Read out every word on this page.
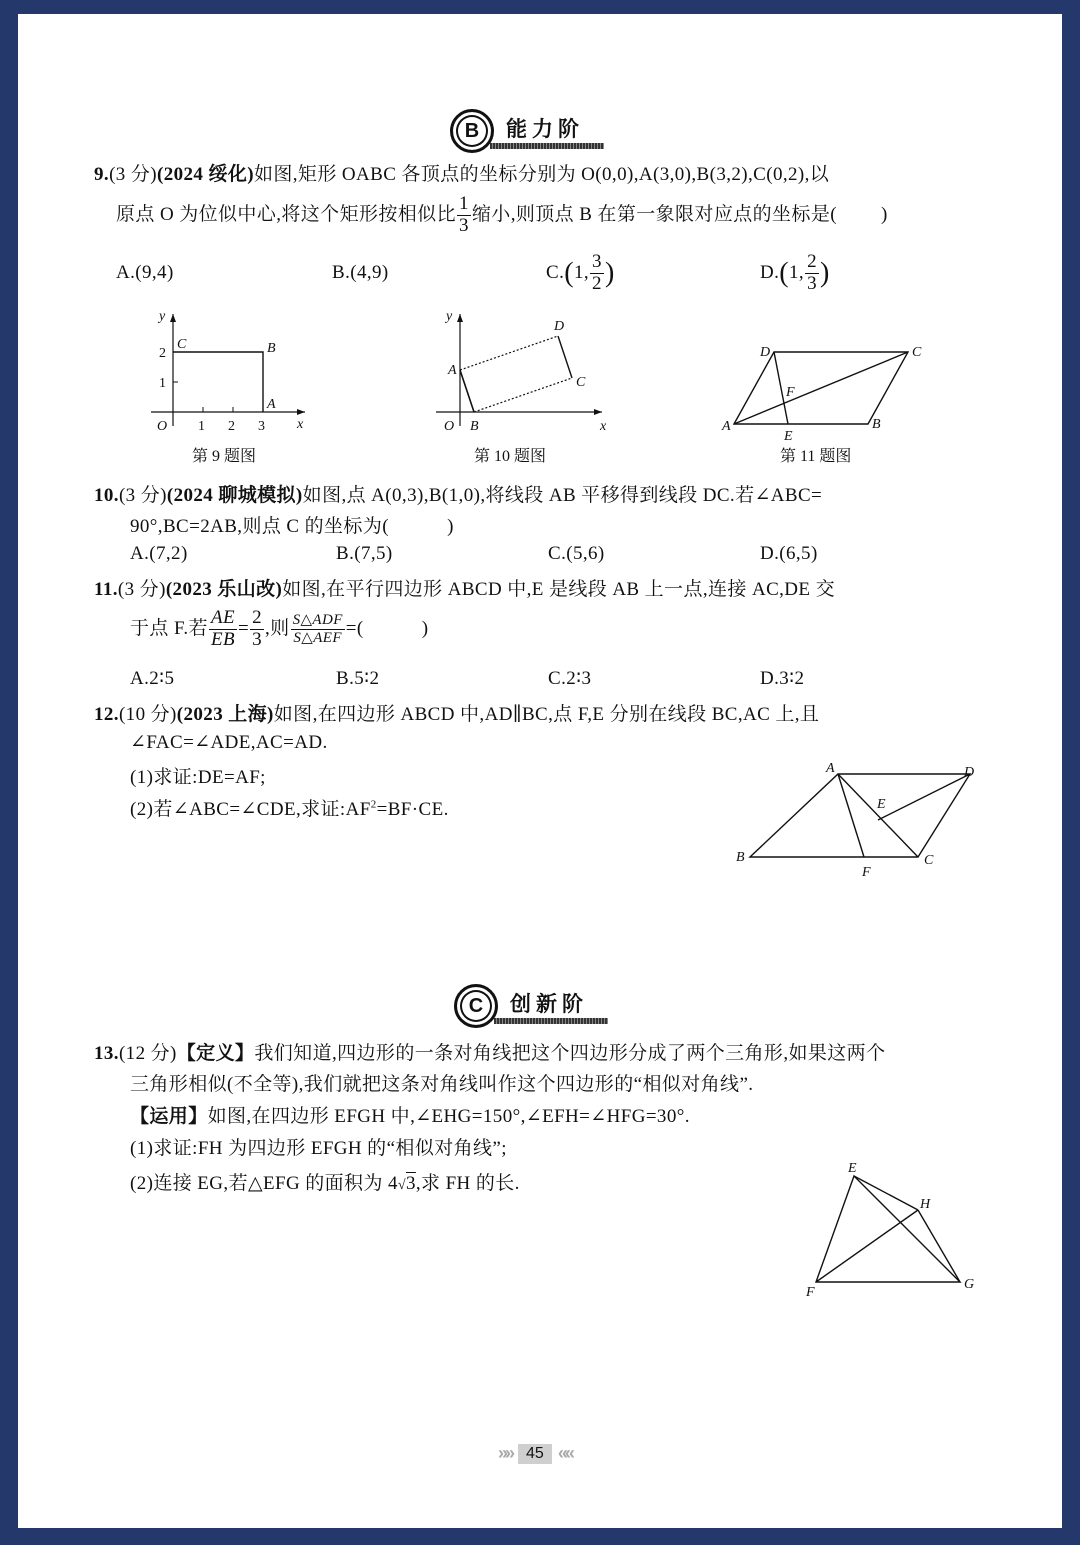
B 能力阶
9.(3 分)(2024 绥化)如图,矩形 OABC 各顶点的坐标分别为 O(0,0),A(3,0),B(3,2),C(0,2),以
原点 O 为位似中心,将这个矩形按相似比 $\frac{1}{3}$ 缩小,则顶点 B 在第一象限对应点的坐标是( )
A.(9,4)	B.(4,9)	C.(1, $\frac{3}{2}$ )	D.(1, $\frac{2}{3}$ )
y
x
O
C	B
A
1 2 3
1
2
第 9 题图
y
x
O
A
B
C
D
第 10 题图
A	B
C
D
E
F
第 11 题图
10.(3 分)(2024 聊城模拟)如图,点 A(0,3),B(1,0),将线段 AB 平移得到线段 DC.若∠ABC=
90°,BC=2AB,则点 C 的坐标为(　　　)
A.(7,2)	B.(7,5)	C.(5,6)	D.(6,5)
11.(3 分)(2023 乐山改)如图,在平行四边形 ABCD 中,E 是线段 AB 上一点,连接 AC,DE 交
于点 F.若 $\frac{AE}{EB} = \frac{2}{3}$ ,则 $\frac{\text{S△ADF}}{\text{S△AEF}}$ =(　　　)
A.2∶5	B.5∶2	C.2∶3	D.3∶2
12.(10 分)(2023 上海)如图,在四边形 ABCD 中,AD∥BC,点 F,E 分别在线段 BC,AC 上,且
∠FAC=∠ADE,AC=AD.
(1)求证:DE=AF;
(2)若∠ABC=∠CDE,求证$:AF^2=BF\cdot CE$.
A
B	C
D
E
F
C 创新阶
13.(12 分)【定义】我们知道,四边形的一条对角线把这个四边形分成了两个三角形,如果这两个
三角形相似(不全等),我们就把这条对角线叫作这个四边形的“相似对角线”.
【运用】如图,在四边形 EFGH 中,∠EHG=150°,∠EFH=∠HFG=30°.
(1)求证:FH 为四边形 EFGH 的“相似对角线”;
(2)连接 EG,若△EFG 的面积为 4√3,求 FH 的长.
E
F
G
H
»» 45 ««
